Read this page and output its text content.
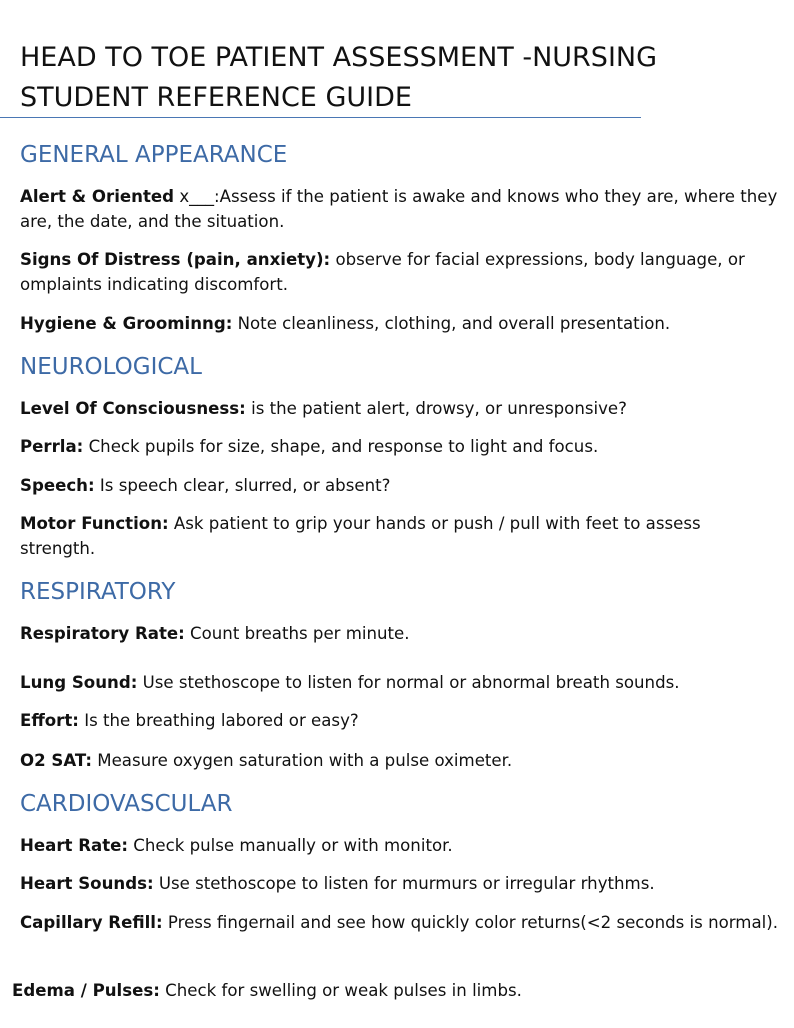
HEAD TO TOE PATIENT ASSESSMENT -NURSING
STUDENT REFERENCE GUIDE
GENERAL APPEARANCE

Alert & Oriented x___:Assess if the patient is awake and knows who they are, where they are, the date, and the situation.

Signs Of Distress (pain, anxiety): observe for facial expressions, body language, or omplaints indicating discomfort.

Hygiene & Groominng: Note cleanliness, clothing, and overall presentation.

NEUROLOGICAL

Level Of Consciousness: is the patient alert, drowsy, or unresponsive?

Perrla: Check pupils for size, shape, and response to light and focus.

Speech: Is speech clear, slurred, or absent?

Motor Function: Ask patient to grip your hands or push / pull with feet to assess strength.

RESPIRATORY

Respiratory Rate: Count breaths per minute.

Lung Sound: Use stethoscope to listen for normal or abnormal breath sounds.

Effort: Is the breathing labored or easy?

O2 SAT: Measure oxygen saturation with a pulse oximeter.

CARDIOVASCULAR

Heart Rate: Check pulse manually or with monitor.

Heart Sounds: Use stethoscope to listen for murmurs or irregular rhythms.

Capillary Refill: Press fingernail and see how quickly color returns(<2 seconds is normal).

Edema / Pulses: Check for swelling or weak pulses in limbs.
